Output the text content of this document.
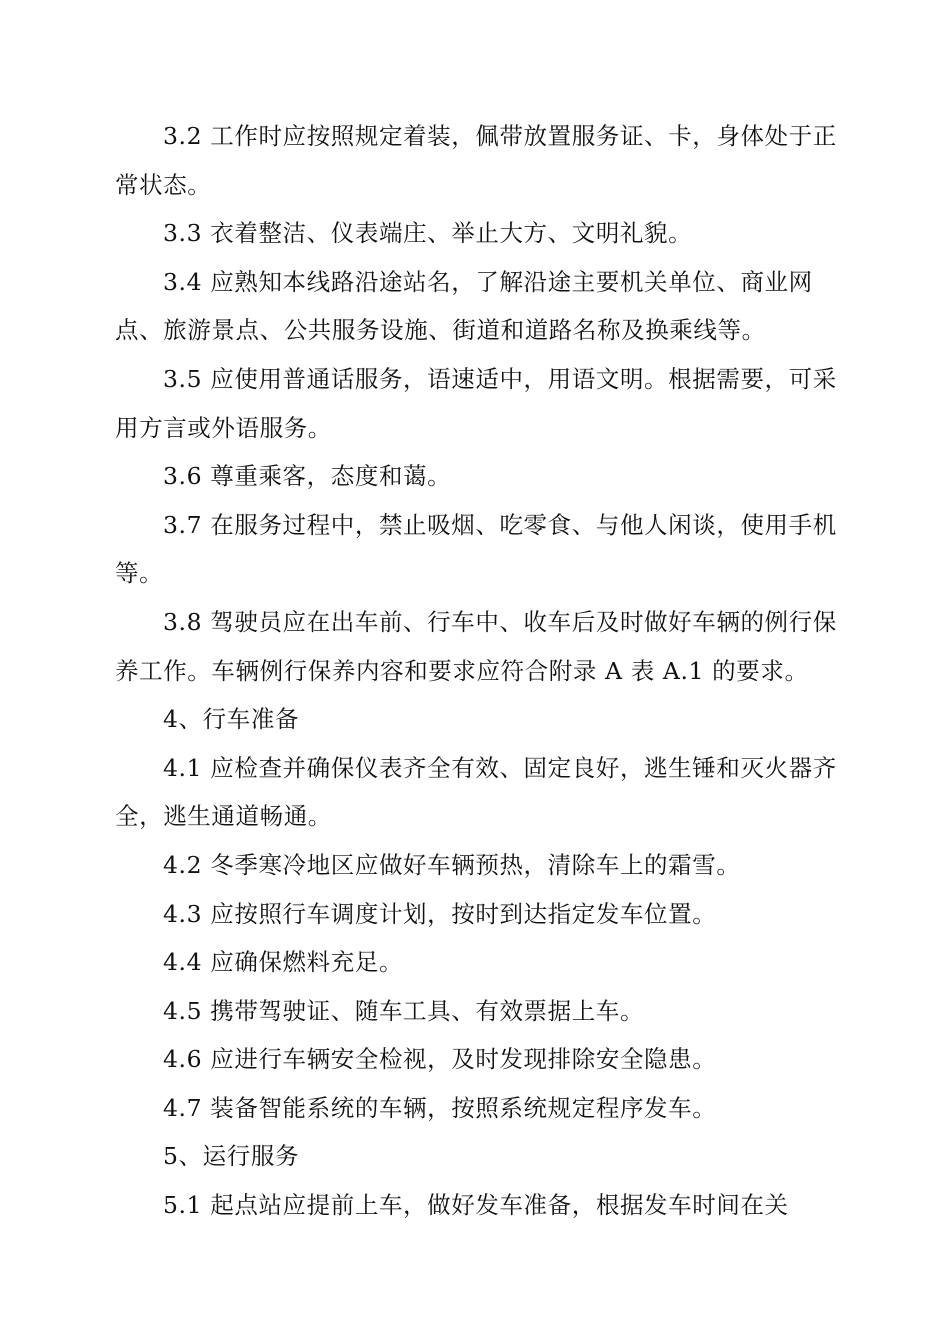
3.2 工作时应按照规定着装，佩带放置服务证、卡，身体处于正常状态。

3.3 衣着整洁、仪表端庄、举止大方、文明礼貌。

3.4 应熟知本线路沿途站名，了解沿途主要机关单位、商业网点、旅游景点、公共服务设施、街道和道路名称及换乘线等。

3.5 应使用普通话服务，语速适中，用语文明。根据需要，可采用方言或外语服务。

3.6 尊重乘客，态度和蔼。

3.7 在服务过程中，禁止吸烟、吃零食、与他人闲谈，使用手机等。

3.8 驾驶员应在出车前、行车中、收车后及时做好车辆的例行保养工作。车辆例行保养内容和要求应符合附录 A 表 A.1 的要求。

4、行车准备

4.1 应检查并确保仪表齐全有效、固定良好，逃生锤和灭火器齐全，逃生通道畅通。

4.2 冬季寒冷地区应做好车辆预热，清除车上的霜雪。

4.3 应按照行车调度计划，按时到达指定发车位置。

4.4 应确保燃料充足。

4.5 携带驾驶证、随车工具、有效票据上车。

4.6 应进行车辆安全检视，及时发现排除安全隐患。

4.7 装备智能系统的车辆，按照系统规定程序发车。

5、运行服务

5.1 起点站应提前上车，做好发车准备，根据发车时间在关
